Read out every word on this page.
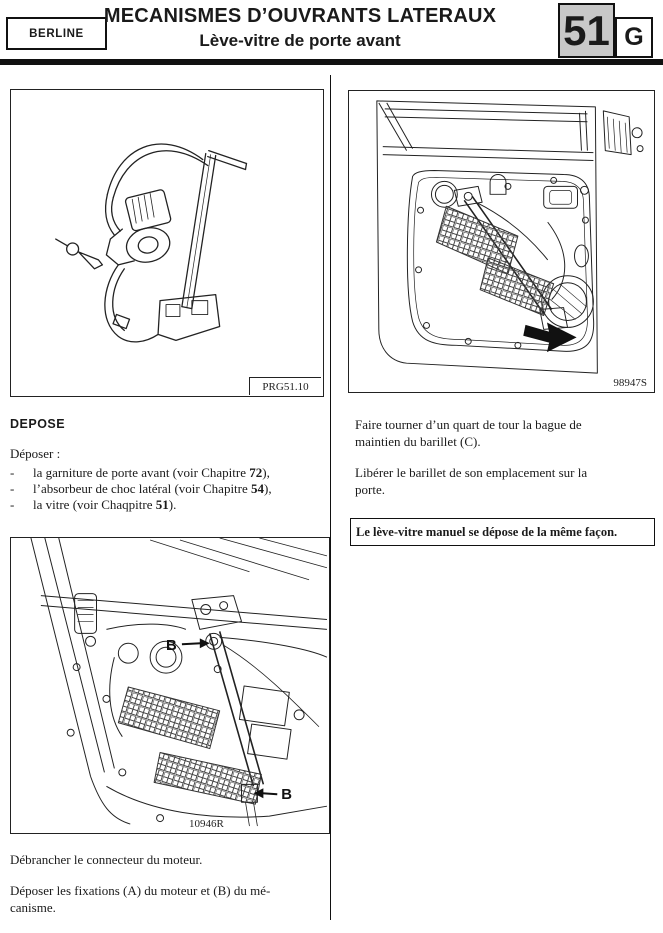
BERLINE
MECANISMES D’OUVRANTS LATERAUX
Lève-vitre de porte avant	51 G
PRG51.10	98947S
B
B
10946R
DEPOSE
Déposer :
-	la garniture de porte avant (voir Chapitre 72),
-	l’absorbeur de choc latéral (voir Chapitre 54),
-	la vitre (voir Chaqpitre 51).
Débrancher le connecteur du moteur.
Déposer les fixations (A) du moteur et (B) du mé-
canisme.
Faire tourner d’un quart de tour la bague de
maintien du barillet (C).
Libérer le barillet de son emplacement sur la
porte.
Le lève-vitre manuel se dépose de la même façon.
